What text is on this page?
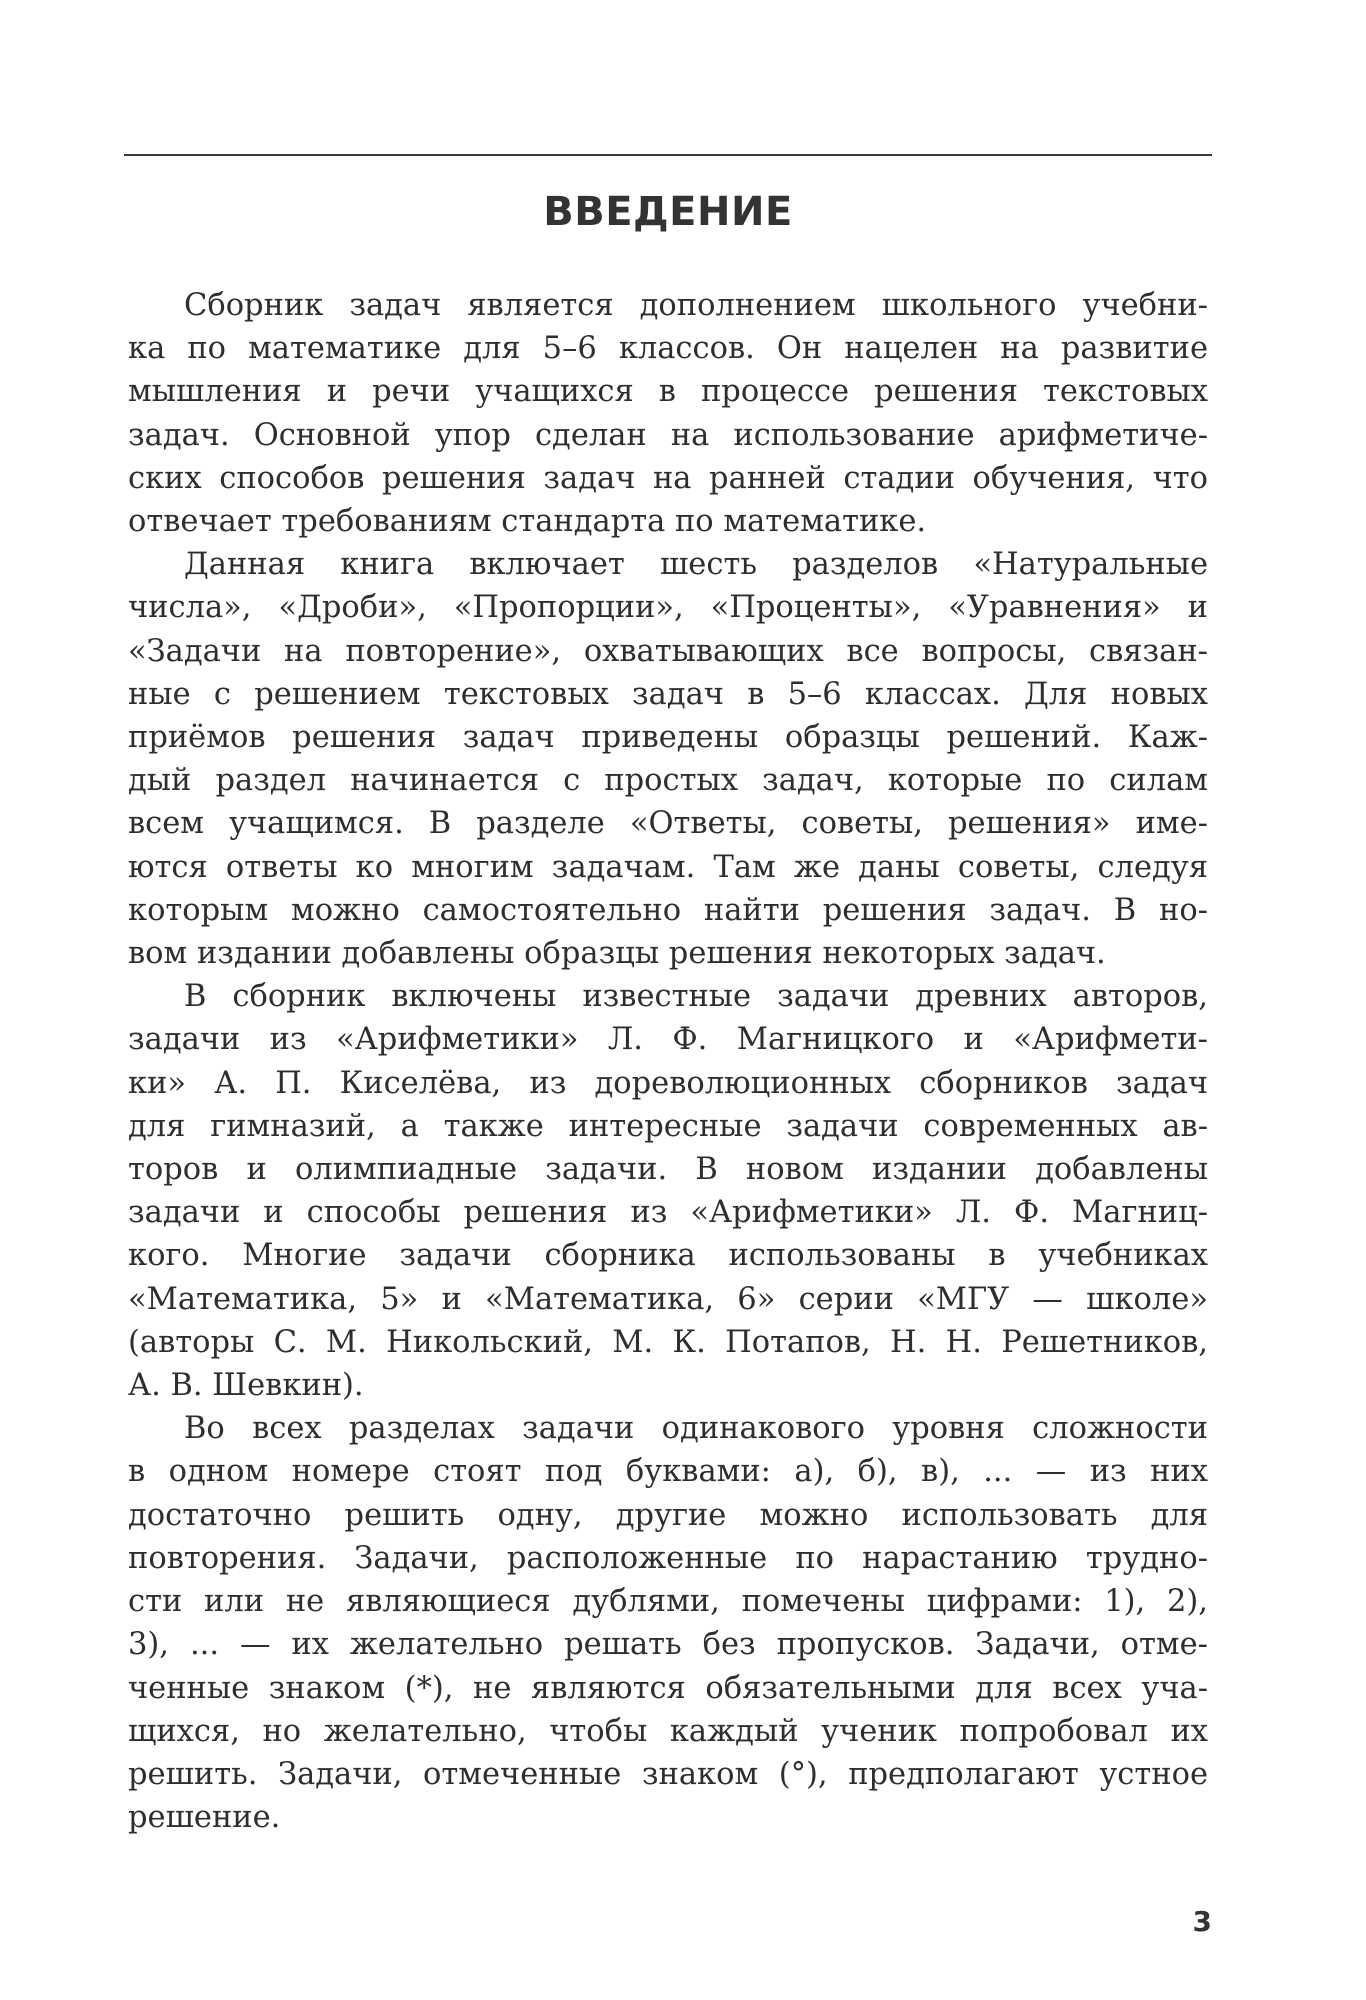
ВВЕДЕНИЕ

Сборник задач является дополнением школьного учебни-
ка по математике для 5–6 классов. Он нацелен на развитие
мышления и речи учащихся в процессе решения текстовых
задач. Основной упор сделан на использование арифметиче-
ских способов решения задач на ранней стадии обучения, что
отвечает требованиям стандарта по математике.

Данная книга включает шесть разделов «Натуральные
числа», «Дроби», «Пропорции», «Проценты», «Уравнения» и
«Задачи на повторение», охватывающих все вопросы, связан-
ные с решением текстовых задач в 5–6 классах. Для новых
приёмов решения задач приведены образцы решений. Каж-
дый раздел начинается с простых задач, которые по силам
всем учащимся. В разделе «Ответы, советы, решения» име-
ются ответы ко многим задачам. Там же даны советы, следуя
которым можно самостоятельно найти решения задач. В но-
вом издании добавлены образцы решения некоторых задач.

В сборник включены известные задачи древних авторов,
задачи из «Арифметики» Л. Ф. Магницкого и «Арифмети-
ки» А. П. Киселёва, из дореволюционных сборников задач
для гимназий, а также интересные задачи современных ав-
торов и олимпиадные задачи. В новом издании добавлены
задачи и способы решения из «Арифметики» Л. Ф. Магниц-
кого. Многие задачи сборника использованы в учебниках
«Математика, 5» и «Математика, 6» серии «МГУ — школе»
(авторы С. М. Никольский, М. К. Потапов, Н. Н. Решетников,
А. В. Шевкин).

Во всех разделах задачи одинакового уровня сложности
в одном номере стоят под буквами: а), б), в), ... — из них
достаточно решить одну, другие можно использовать для
повторения. Задачи, расположенные по нарастанию трудно-
сти или не являющиеся дублями, помечены цифрами: 1), 2),
3), ... — их желательно решать без пропусков. Задачи, отме-
ченные знаком (*), не являются обязательными для всех уча-
щихся, но желательно, чтобы каждый ученик попробовал их
решить. Задачи, отмеченные знаком (°), предполагают устное
решение.

3
